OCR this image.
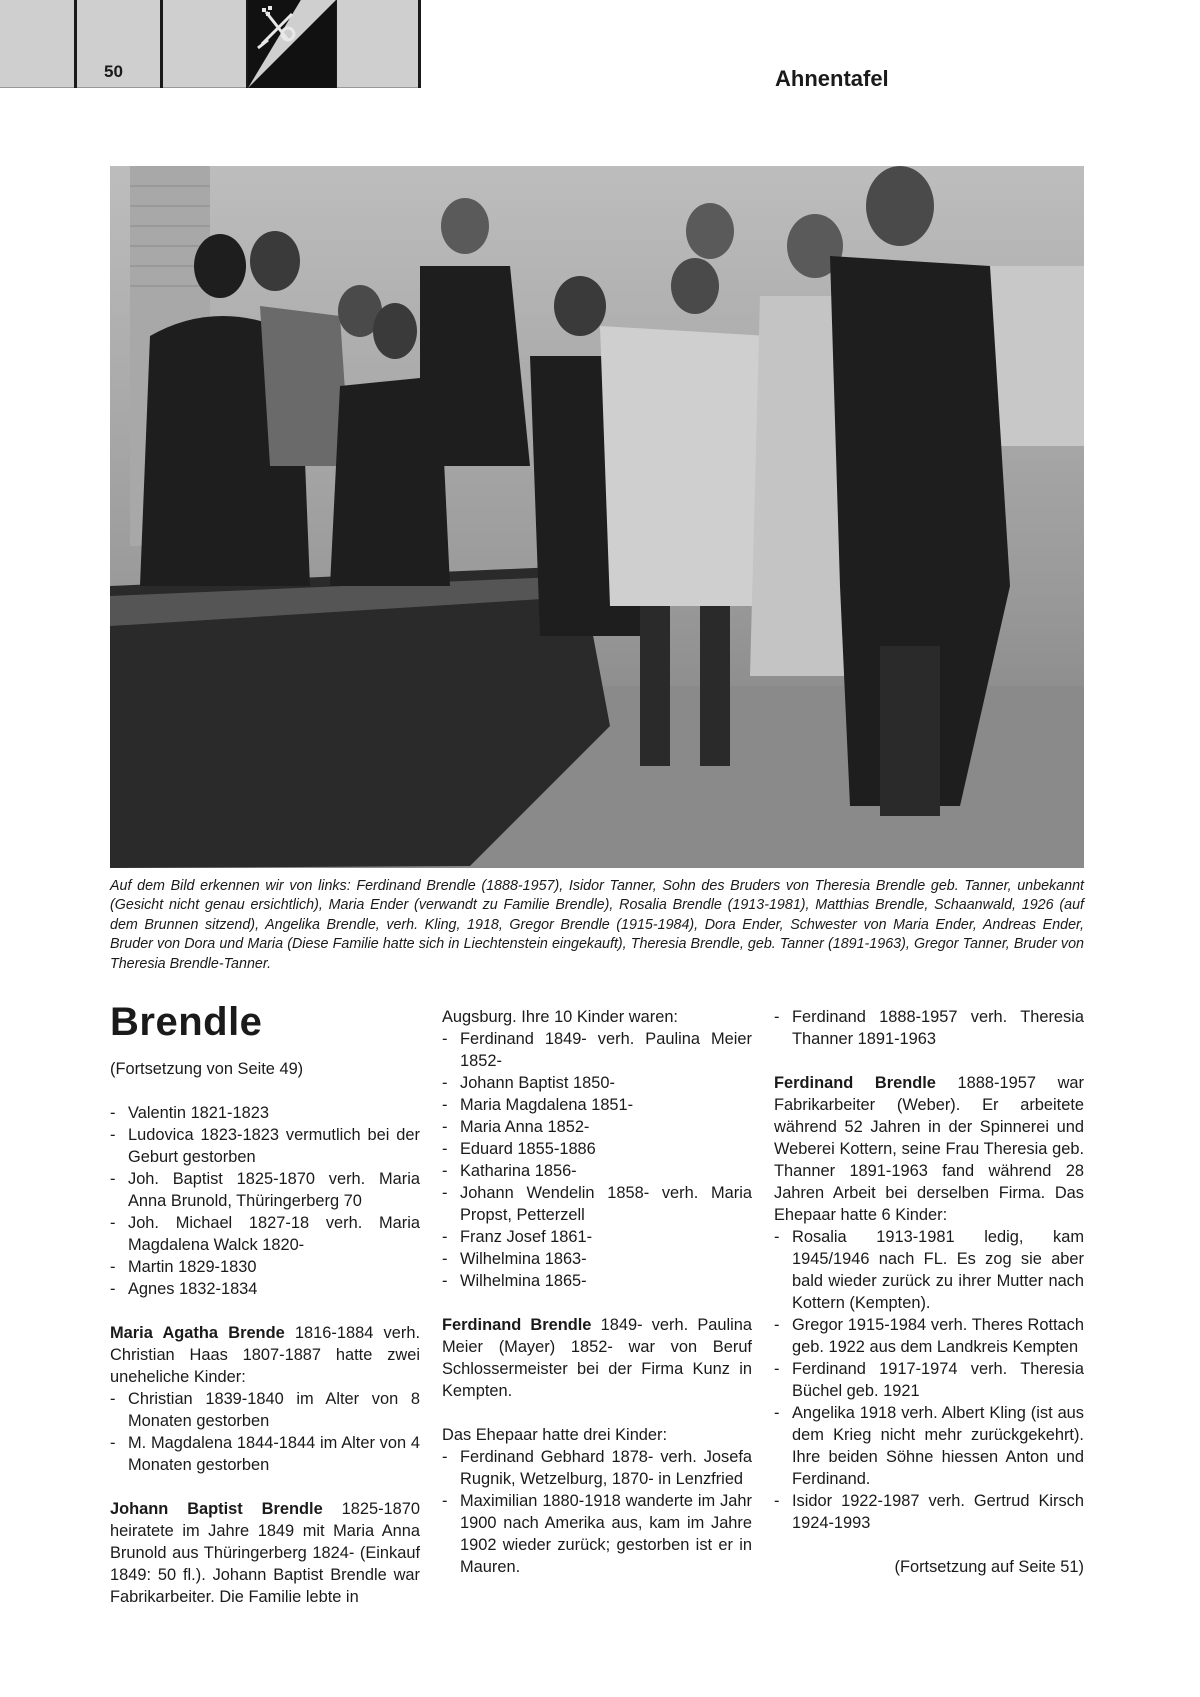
50	Ahnentafel
Auf dem Bild erkennen wir von links: Ferdinand Brendle (1888-1957), Isidor Tanner, Sohn des Bruders von Theresia Brendle geb. Tanner, unbekannt (Gesicht nicht genau ersichtlich), Maria Ender (verwandt zu Familie Brendle), Rosalia Brendle (1913-1981), Matthias Brendle, Schaanwald, 1926 (auf dem Brunnen sitzend), Angelika Brendle, verh. Kling, 1918, Gregor Brendle (1915-1984), Dora Ender, Schwester von Maria Ender, Andreas Ender, Bruder von Dora und Maria (Diese Familie hatte sich in Liechtenstein eingekauft), Theresia Brendle, geb. Tanner (1891-1963), Gregor Tanner, Bruder von Theresia Brendle-Tanner.
Brendle
(Fortsetzung von Seite 49)
- Valentin 1821-1823
- Ludovica 1823-1823 vermutlich bei der Geburt gestorben
- Joh. Baptist 1825-1870 verh. Maria Anna Brunold, Thüringerberg 70
- Joh. Michael 1827-18 verh. Maria Magdalena Walck 1820-
- Martin 1829-1830
- Agnes 1832-1834
Maria Agatha Brende 1816-1884 verh. Christian Haas 1807-1887 hatte zwei uneheliche Kinder:
- Christian 1839-1840 im Alter von 8 Monaten gestorben
- M. Magdalena 1844-1844 im Alter von 4 Monaten gestorben
Johann Baptist Brendle 1825-1870 heiratete im Jahre 1849 mit Maria Anna Brunold aus Thüringerberg 1824- (Einkauf 1849: 50 fl.). Johann Baptist Brendle war Fabrikarbeiter. Die Familie lebte in
Augsburg. Ihre 10 Kinder waren:
- Ferdinand 1849- verh. Paulina Meier 1852-
- Johann Baptist 1850-
- Maria Magdalena 1851-
- Maria Anna 1852-
- Eduard 1855-1886
- Katharina 1856-
- Johann Wendelin 1858- verh. Maria Propst, Petterzell
- Franz Josef 1861-
- Wilhelmina 1863-
- Wilhelmina 1865-
Ferdinand Brendle 1849- verh. Paulina Meier (Mayer) 1852- war von Beruf Schlossermeister bei der Firma Kunz in Kempten.
Das Ehepaar hatte drei Kinder:
- Ferdinand Gebhard 1878- verh. Josefa Rugnik, Wetzelburg, 1870- in Lenzfried
- Maximilian 1880-1918 wanderte im Jahr 1900 nach Amerika aus, kam im Jahre 1902 wieder zurück; gestorben ist er in Mauren.
- Ferdinand 1888-1957 verh. Theresia Thanner 1891-1963
Ferdinand Brendle 1888-1957 war Fabrikarbeiter (Weber). Er arbeitete während 52 Jahren in der Spinnerei und Weberei Kottern, seine Frau Theresia geb. Thanner 1891-1963 fand während 28 Jahren Arbeit bei derselben Firma. Das Ehepaar hatte 6 Kinder:
- Rosalia 1913-1981 ledig, kam 1945/1946 nach FL. Es zog sie aber bald wieder zurück zu ihrer Mutter nach Kottern (Kempten).
- Gregor 1915-1984 verh. Theres Rottach geb. 1922 aus dem Landkreis Kempten
- Ferdinand 1917-1974 verh. Theresia Büchel geb. 1921
- Angelika 1918 verh. Albert Kling (ist aus dem Krieg nicht mehr zurückgekehrt). Ihre beiden Söhne hiessen Anton und Ferdinand.
- Isidor 1922-1987 verh. Gertrud Kirsch 1924-1993
(Fortsetzung auf Seite 51)
